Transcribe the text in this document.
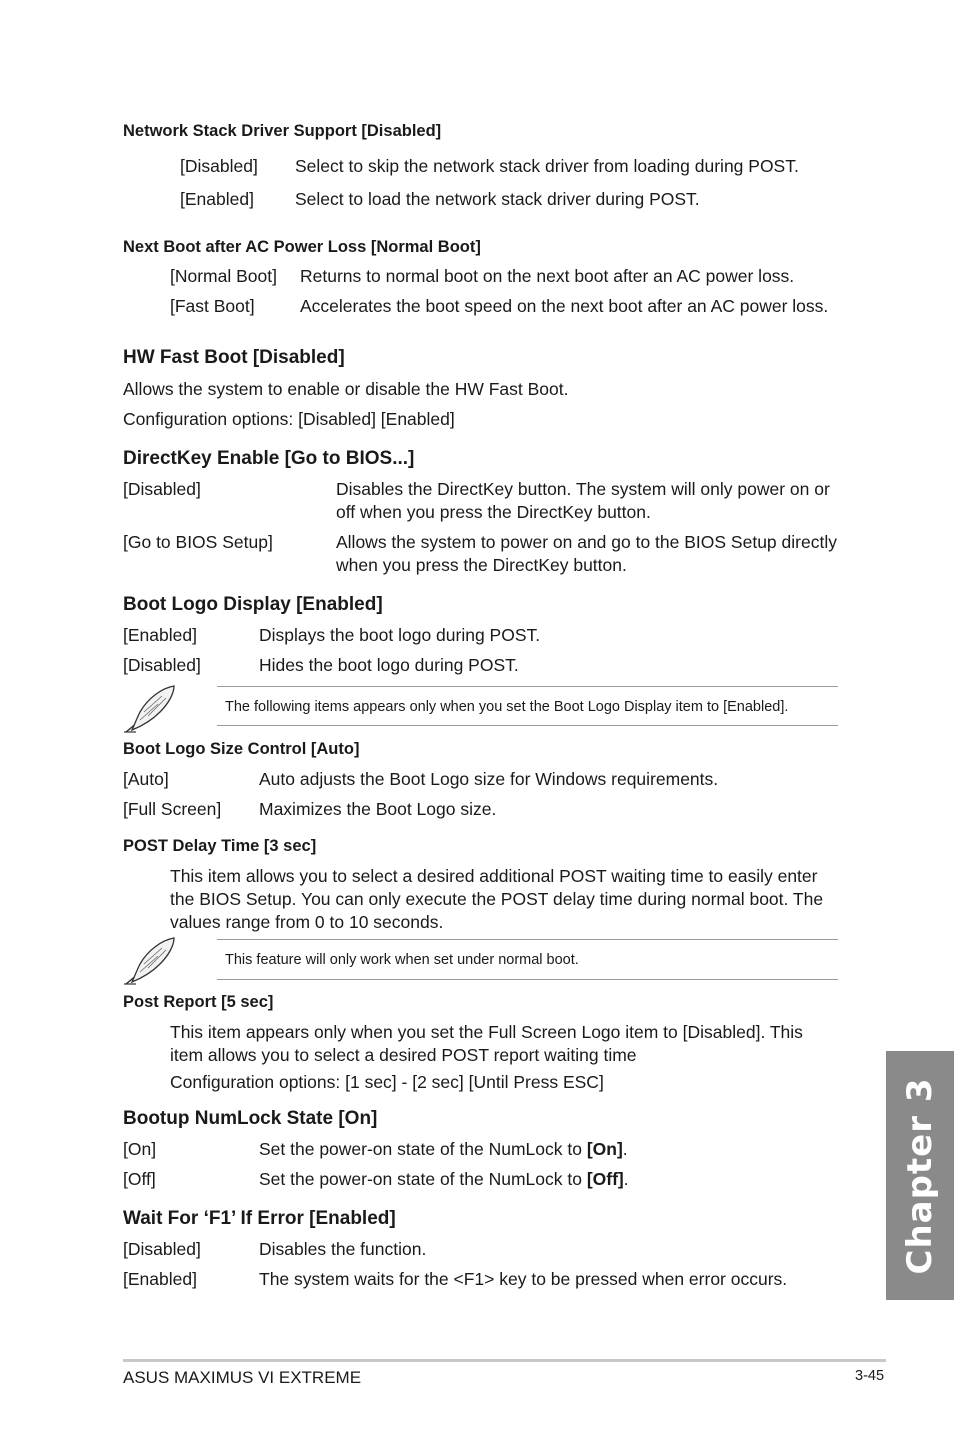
Network Stack Driver Support [Disabled]
[Disabled] Select to skip the network stack driver from loading during POST.
[Enabled] Select to load the network stack driver during POST.
Next Boot after AC Power Loss [Normal Boot]
[Normal Boot] Returns to normal boot on the next boot after an AC power loss.
[Fast Boot]	Accelerates the boot speed on the next boot after an AC power loss.
HW Fast Boot [Disabled]
Allows the system to enable or disable the HW Fast Boot.
Configuration options: [Disabled] [Enabled]
DirectKey Enable [Go to BIOS...]
[Disabled]	Disables the DirectKey button. The system will only power on or off when you press the DirectKey button.
[Go to BIOS Setup]	Allows the system to power on and go to the BIOS Setup directly when you press the DirectKey button.
Boot Logo Display [Enabled]
[Enabled]	Displays the boot logo during POST.
[Disabled]	Hides the boot logo during POST.
The following items appears only when you set the Boot Logo Display item to [Enabled].
Boot Logo Size Control [Auto]
[Auto]	Auto adjusts the Boot Logo size for Windows requirements.
[Full Screen] Maximizes the Boot Logo size.
POST Delay Time [3 sec]
This item allows you to select a desired additional POST waiting time to easily enter the BIOS Setup. You can only execute the POST delay time during normal boot. The values range from 0 to 10 seconds.
This feature will only work when set under normal boot.
Post Report [5 sec]
This item appears only when you set the Full Screen Logo item to [Disabled]. This item allows you to select a desired POST report waiting time
Configuration options: [1 sec] - [2 sec] [Until Press ESC]
Bootup NumLock State [On]
[On]	Set the power-on state of the NumLock to [On].
[Off]	Set the power-on state of the NumLock to [Off].
Wait For ‘F1’ If Error [Enabled]
[Disabled]	Disables the function.
[Enabled]	The system waits for the <F1> key to be pressed when error occurs.
Chapter 3
ASUS MAXIMUS VI EXTREME	3-45
